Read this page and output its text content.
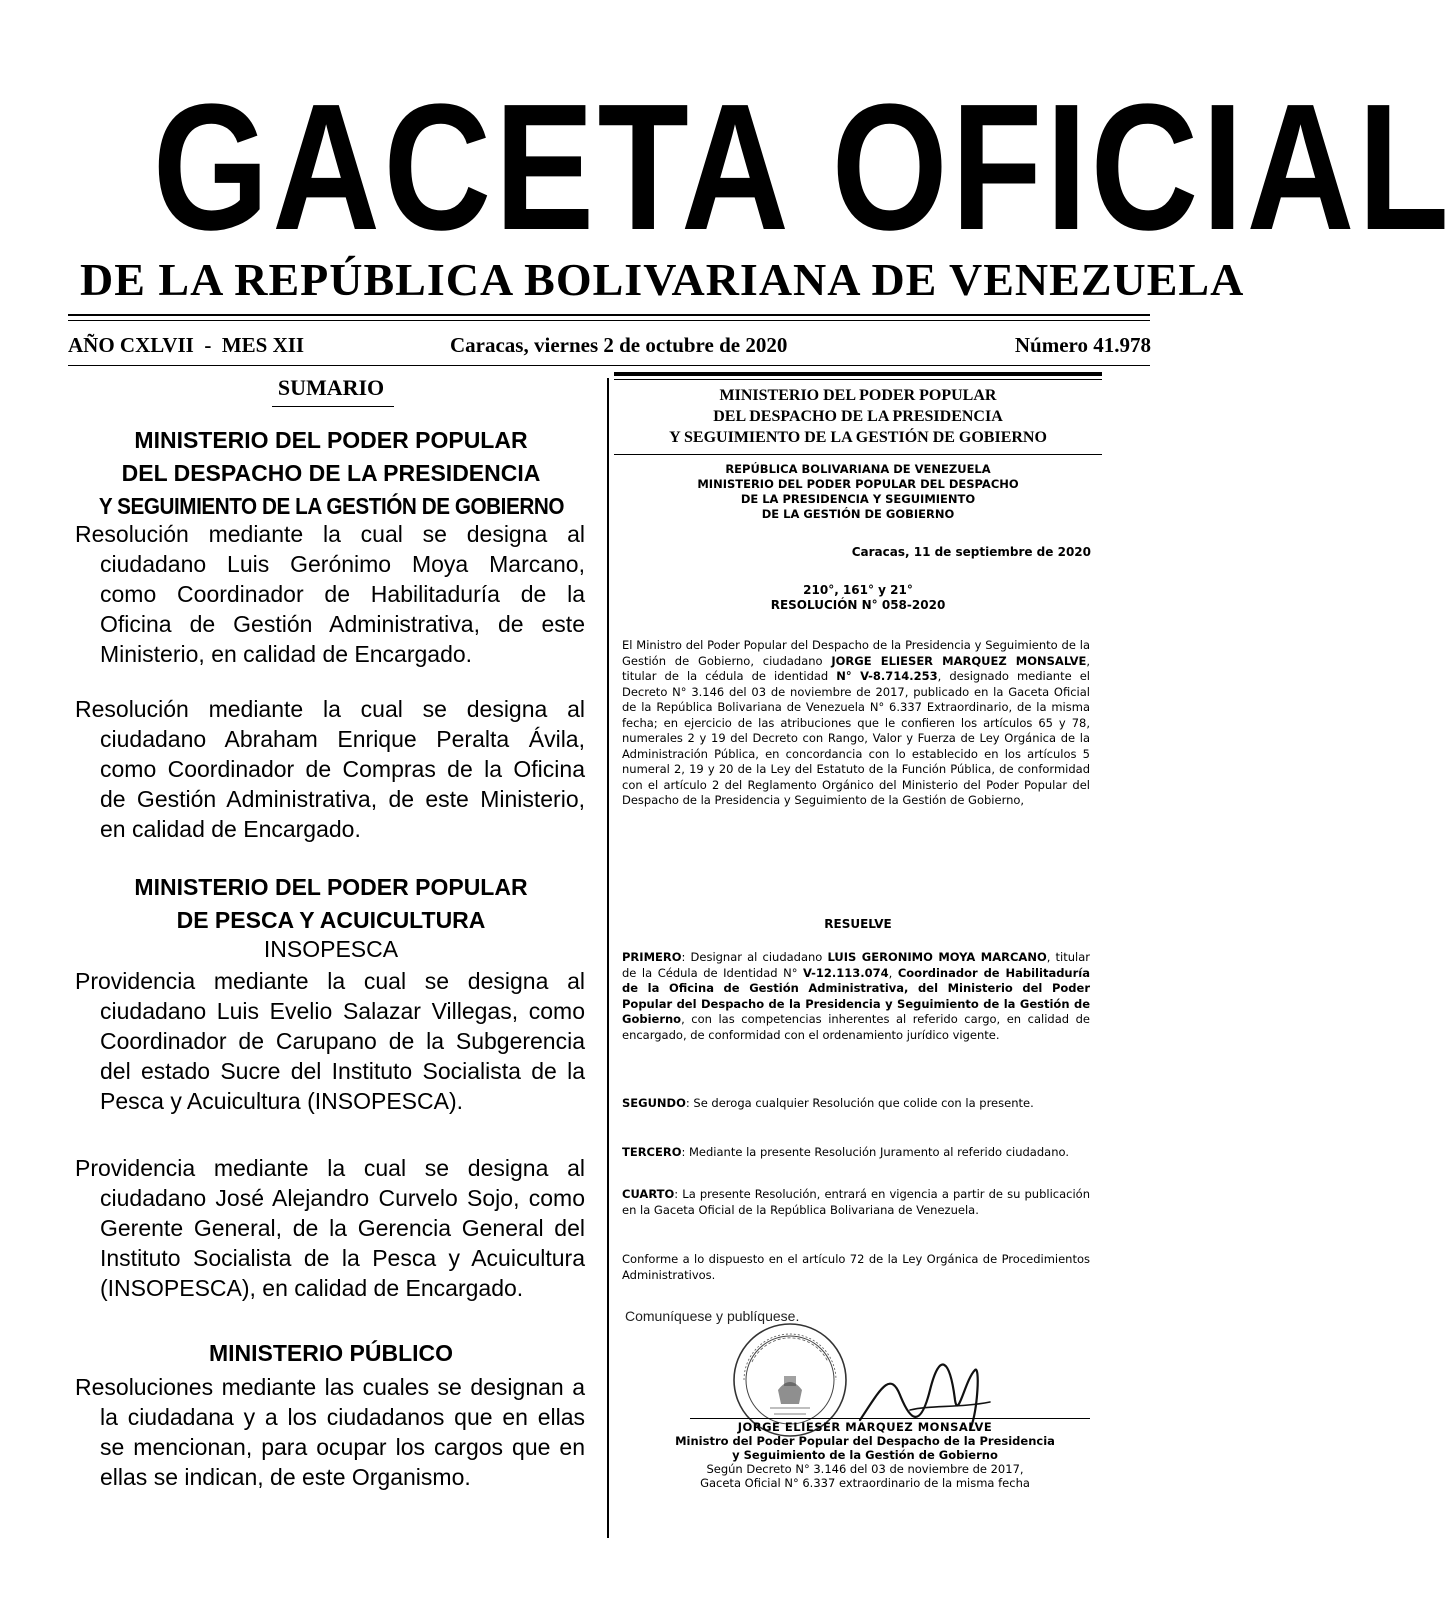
GACETA OFICIAL
DE LA REPÚBLICA BOLIVARIANA DE VENEZUELA
AÑO CXLVII  -  MES XII	Caracas, viernes 2 de octubre de 2020	Número 41.978
SUMARIO
MINISTERIO DEL PODER POPULAR
DEL DESPACHO DE LA PRESIDENCIA
Y SEGUIMIENTO DE LA GESTIÓN DE GOBIERNO
Resolución mediante la cual se designa al ciudadano Luis Gerónimo Moya Marcano, como Coordinador de Habilitaduría de la Oficina de Gestión Administrativa, de este Ministerio, en calidad de Encargado.
Resolución mediante la cual se designa al ciudadano Abraham Enrique Peralta Ávila, como Coordinador de Compras de la Oficina de Gestión Administrativa, de este Ministerio, en calidad de Encargado.
MINISTERIO DEL PODER POPULAR
DE PESCA Y ACUICULTURA
INSOPESCA
Providencia mediante la cual se designa al ciudadano Luis Evelio Salazar Villegas, como Coordinador de Carupano de la Subgerencia del estado Sucre del Instituto Socialista de la Pesca y Acuicultura (INSOPESCA).
Providencia mediante la cual se designa al ciudadano José Alejandro Curvelo Sojo, como Gerente General, de la Gerencia General del Instituto Socialista de la Pesca y Acuicultura (INSOPESCA), en calidad de Encargado.
MINISTERIO PÚBLICO
Resoluciones mediante las cuales se designan a la ciudadana y a los ciudadanos que en ellas se mencionan, para ocupar los cargos que en ellas se indican, de este Organismo.
MINISTERIO DEL PODER POPULAR
DEL DESPACHO DE LA PRESIDENCIA
Y SEGUIMIENTO DE LA GESTIÓN DE GOBIERNO
REPÚBLICA BOLIVARIANA DE VENEZUELA
MINISTERIO DEL PODER POPULAR DEL DESPACHO
DE LA PRESIDENCIA Y SEGUIMIENTO
DE LA GESTIÓN DE GOBIERNO
Caracas, 11 de septiembre de 2020
210°, 161° y 21°
RESOLUCIÓN N° 058-2020
El Ministro del Poder Popular del Despacho de la Presidencia y Seguimiento de la Gestión de Gobierno, ciudadano JORGE ELIESER MARQUEZ MONSALVE, titular de la cédula de identidad N° V-8.714.253, designado mediante el Decreto N° 3.146 del 03 de noviembre de 2017, publicado en la Gaceta Oficial de la República Bolivariana de Venezuela N° 6.337 Extraordinario, de la misma fecha; en ejercicio de las atribuciones que le confieren los artículos 65 y 78, numerales 2 y 19 del Decreto con Rango, Valor y Fuerza de Ley Orgánica de la Administración Pública, en concordancia con lo establecido en los artículos 5 numeral 2, 19 y 20 de la Ley del Estatuto de la Función Pública, de conformidad con el artículo 2 del Reglamento Orgánico del Ministerio del Poder Popular del Despacho de la Presidencia y Seguimiento de la Gestión de Gobierno,
RESUELVE
PRIMERO: Designar al ciudadano LUIS GERONIMO MOYA MARCANO, titular de la Cédula de Identidad N° V-12.113.074, Coordinador de Habilitaduría de la Oficina de Gestión Administrativa, del Ministerio del Poder Popular del Despacho de la Presidencia y Seguimiento de la Gestión de Gobierno, con las competencias inherentes al referido cargo, en calidad de encargado, de conformidad con el ordenamiento jurídico vigente.
SEGUNDO: Se deroga cualquier Resolución que colide con la presente.
TERCERO: Mediante la presente Resolución Juramento al referido ciudadano.
CUARTO: La presente Resolución, entrará en vigencia a partir de su publicación en la Gaceta Oficial de la República Bolivariana de Venezuela.
Conforme a lo dispuesto en el artículo 72 de la Ley Orgánica de Procedimientos Administrativos.
Comuníquese y publíquese.
JORGE ELIESER MARQUEZ MONSALVE
Ministro del Poder Popular del Despacho de la Presidencia
y Seguimiento de la Gestión de Gobierno
Según Decreto N° 3.146 del 03 de noviembre de 2017,
Gaceta Oficial N° 6.337 extraordinario de la misma fecha
